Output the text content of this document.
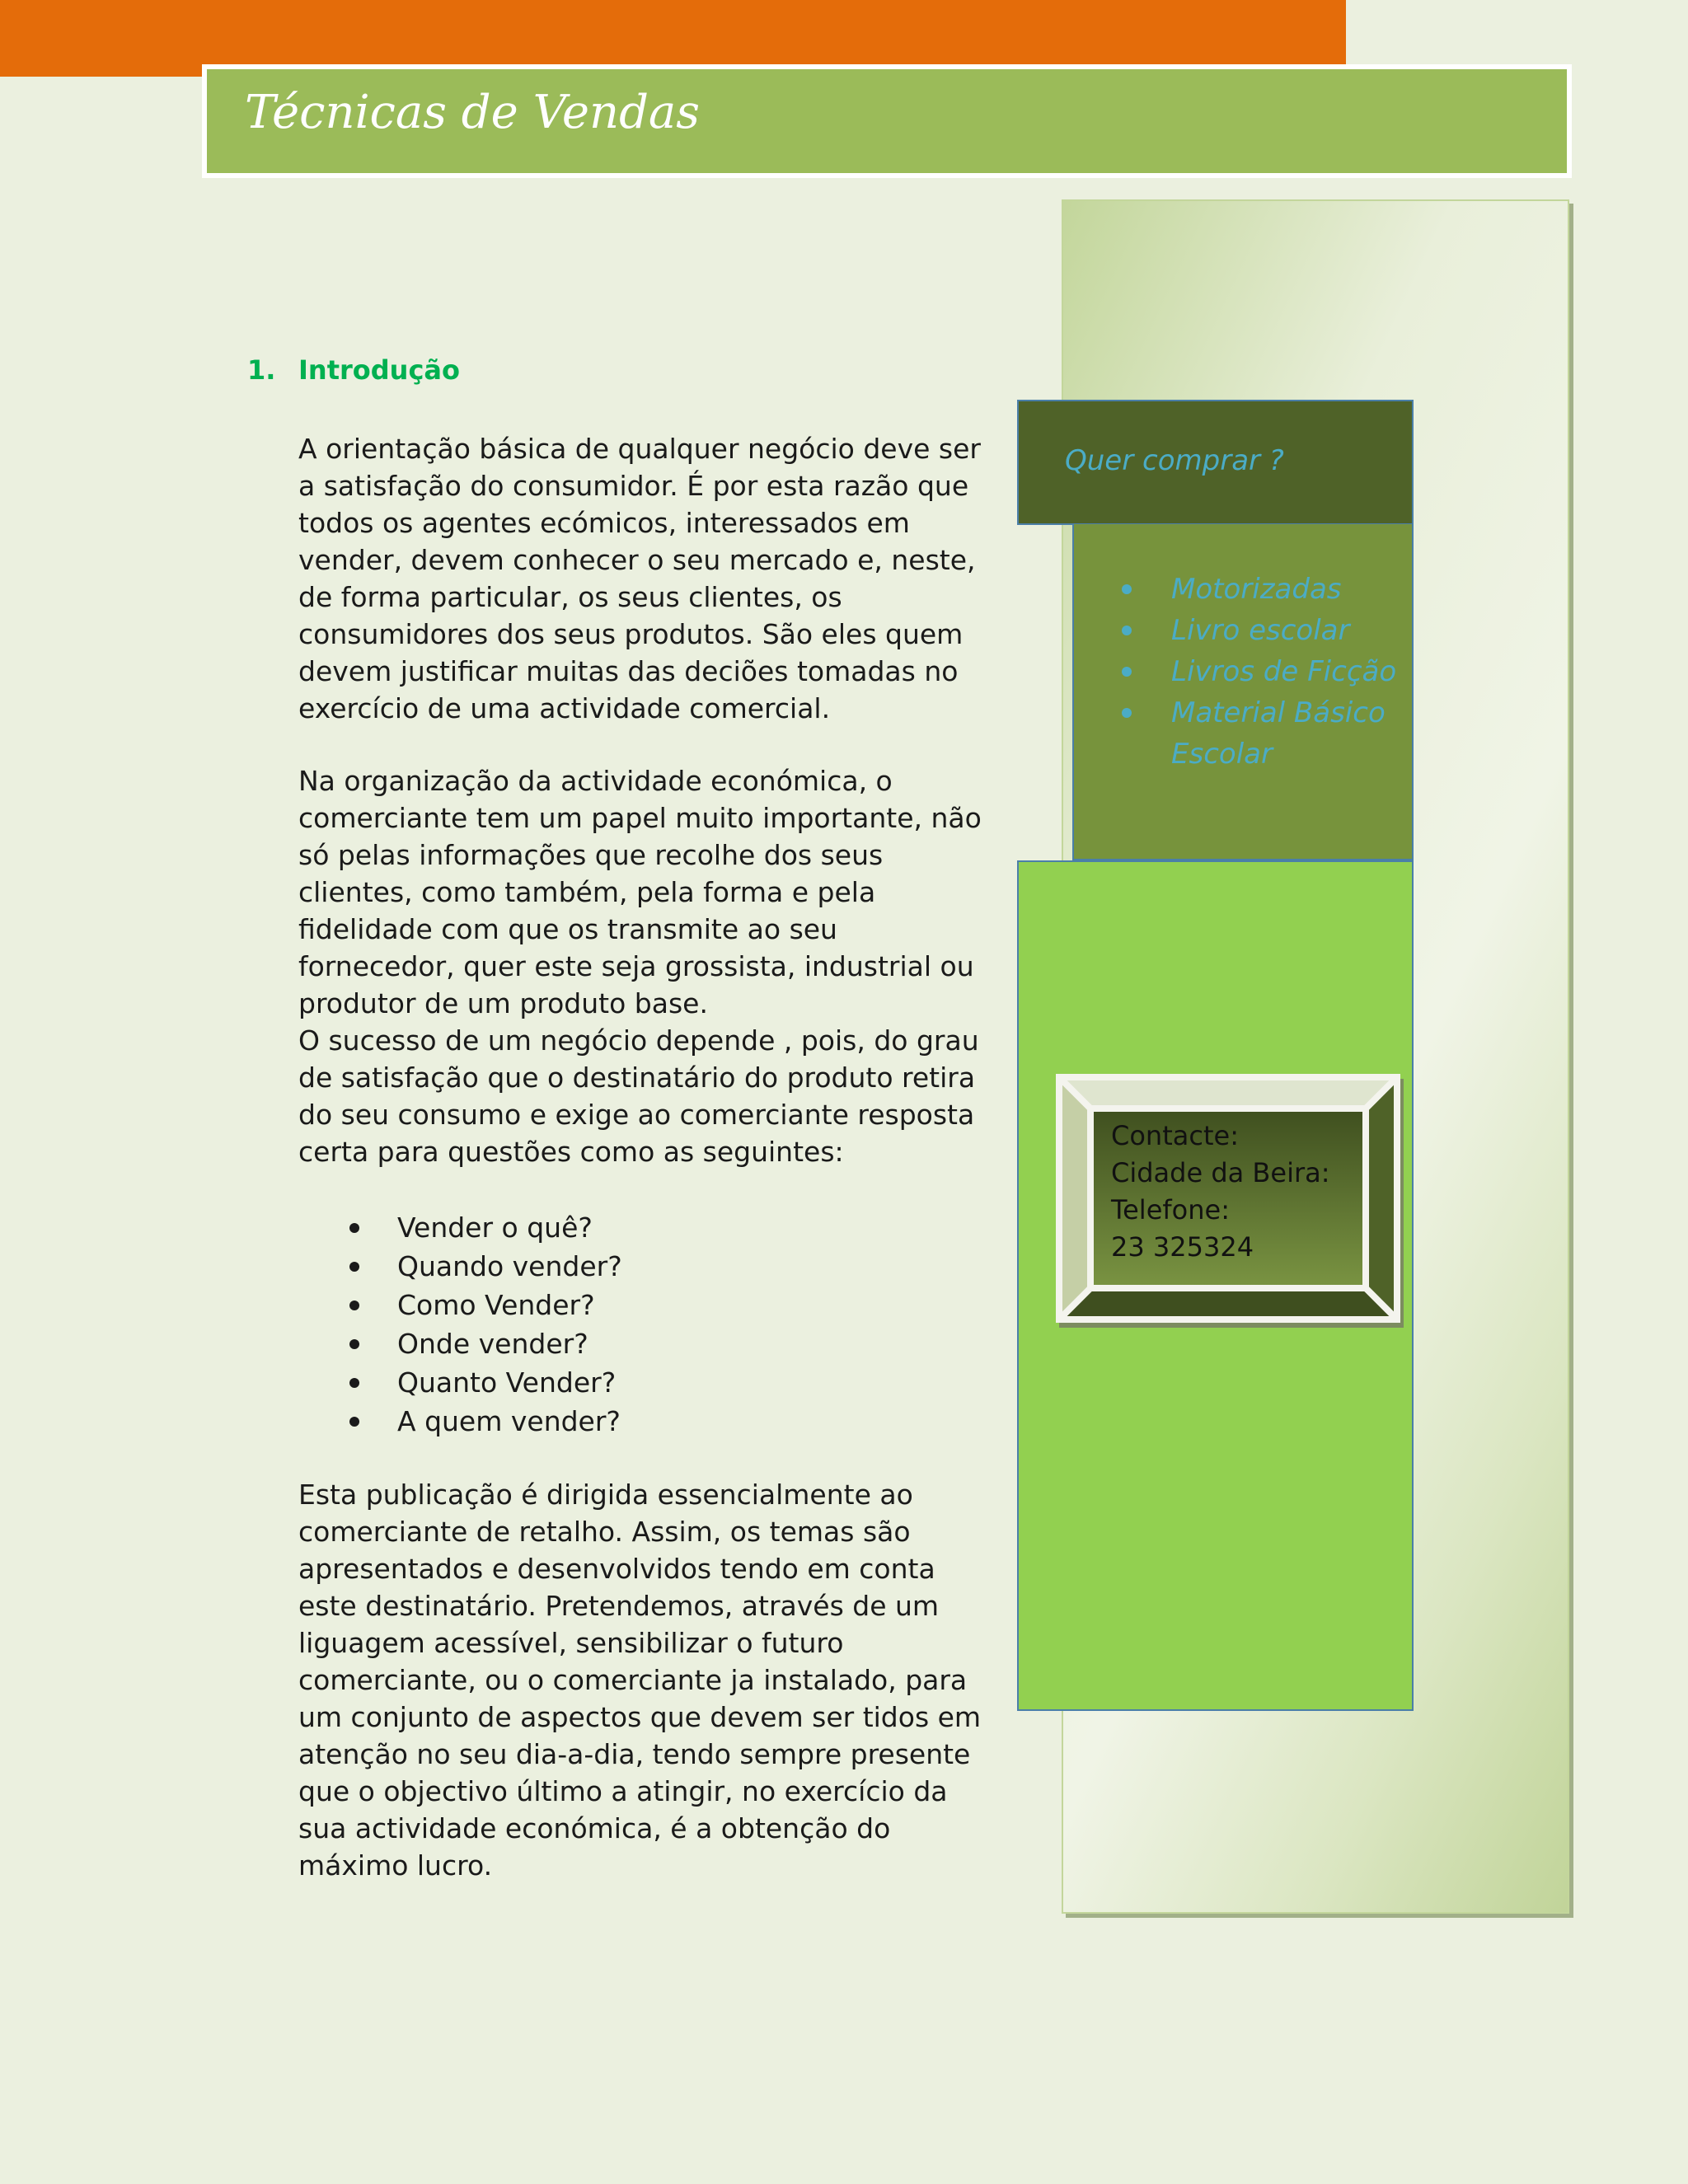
Técnicas de Vendas
Quer comprar ?
Motorizadas
Livro escolar
Livros de Ficção
Material Básico Escolar
Contacte:
Cidade da Beira:
Telefone:
23 325324
1. Introdução

A orientação básica de qualquer negócio deve ser a satisfação do consumidor. É por esta razão que todos os agentes ecómicos, interessados em vender, devem conhecer o seu mercado e, neste, de forma particular, os seus clientes, os consumidores dos seus produtos. São eles quem devem justificar muitas das deciões tomadas no exercício de uma actividade comercial.

Na organização da actividade económica, o comerciante tem um papel muito importante, não só pelas informações que recolhe dos seus clientes, como também, pela forma e pela fidelidade com que os transmite ao seu fornecedor, quer este seja grossista, industrial ou produtor de um produto base.

O sucesso de um negócio depende , pois, do grau de satisfação que o destinatário do produto retira do seu consumo e exige ao comerciante resposta certa para questões como as seguintes:

Vender o quê?
Quando vender?
Como Vender?
Onde vender?
Quanto Vender?
A quem vender?

Esta publicação é dirigida essencialmente ao comerciante de retalho. Assim, os temas são apresentados e desenvolvidos tendo em conta este destinatário. Pretendemos, através de um liguagem acessível, sensibilizar o futuro comerciante, ou o comerciante ja instalado, para um conjunto de aspectos que devem ser tidos em atenção no seu dia-a-dia, tendo sempre presente que o objectivo último a atingir, no exercício da sua actividade económica, é a obtenção do máximo lucro.
